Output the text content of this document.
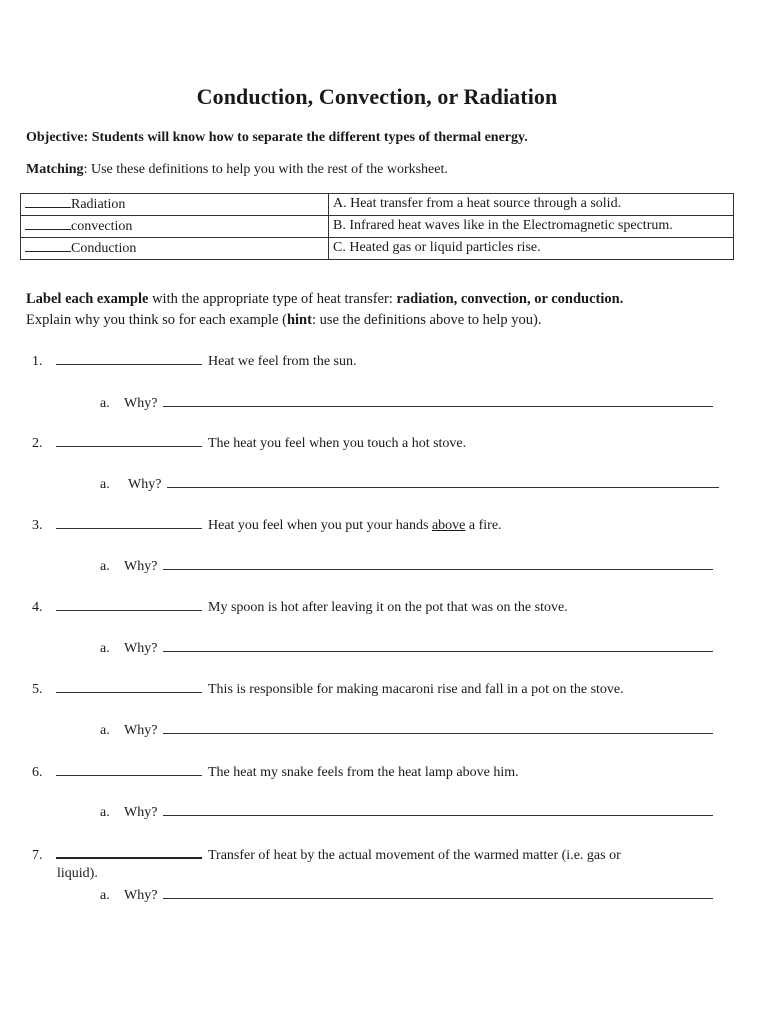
Conduction, Convection, or Radiation
Objective: Students will know how to separate the different types of thermal energy.
Matching: Use these definitions to help you with the rest of the worksheet.
Radiation	A. Heat transfer from a heat source through a solid.
convection	B. Infrared heat waves like in the Electromagnetic spectrum.
Conduction	C. Heated gas or liquid particles rise.
Label each example with the appropriate type of heat transfer: radiation, convection, or conduction.
Explain why you think so for each example (hint: use the definitions above to help you).
1.	Heat we feel from the sun.
a. Why?
2.	The heat you feel when you touch a hot stove.
a. Why?
3.	Heat you feel when you put your hands above a fire.
a. Why?
4.	My spoon is hot after leaving it on the pot that was on the stove.
a. Why?
5.	This is responsible for making macaroni rise and fall in a pot on the stove.
a. Why?
6.	The heat my snake feels from the heat lamp above him.
a. Why?
7.	Transfer of heat by the actual movement of the warmed matter (i.e. gas or
liquid).
a. Why?
